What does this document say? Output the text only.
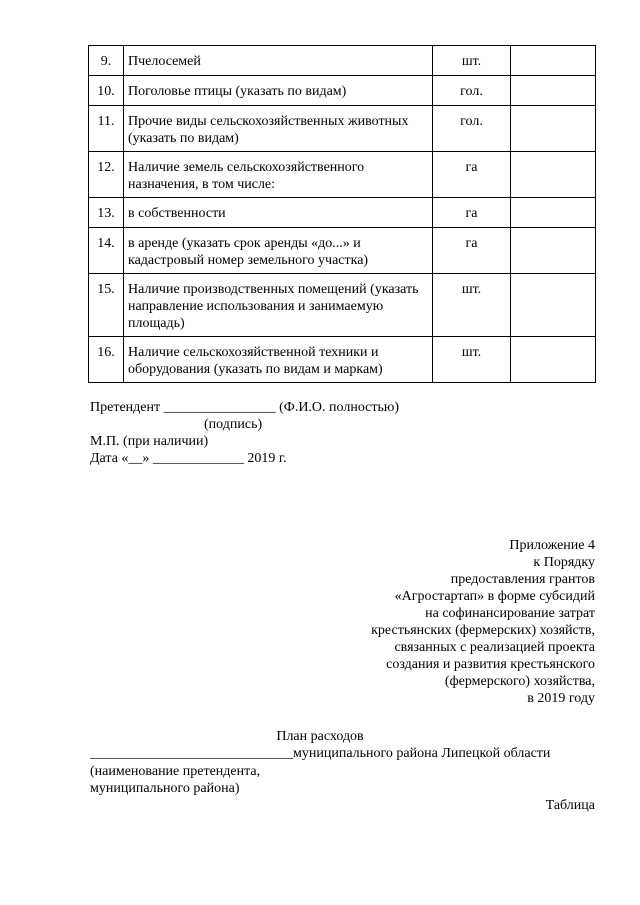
9.	Пчелосемей	шт.	
10.	Поголовье птицы (указать по видам)	гол.	
11.	Прочие виды сельскохозяйственных животных (указать по видам)	гол.	
12.	Наличие земель сельскохозяйственного назначения, в том числе:	га	
13.	в собственности	га	
14.	в аренде (указать срок аренды «до...» и кадастровый номер земельного участка)	га	
15.	Наличие производственных помещений (указать направление использования и занимаемую площадь)	шт.	
16.	Наличие сельскохозяйственной техники и оборудования (указать по видам и маркам)	шт.	
Претендент ________________ (Ф.И.О. полностью)
(подпись)
М.П. (при наличии)
Дата «__» _____________ 2019 г.
Приложение 4
к Порядку
предоставления грантов
«Агростартап» в форме субсидий
на софинансирование затрат
крестьянских (фермерских) хозяйств,
связанных с реализацией проекта
создания и развития крестьянского
(фермерского) хозяйства,
в 2019 году
План расходов
_____________________________муниципального района Липецкой области
(наименование претендента,
муниципального района)
Таблица
